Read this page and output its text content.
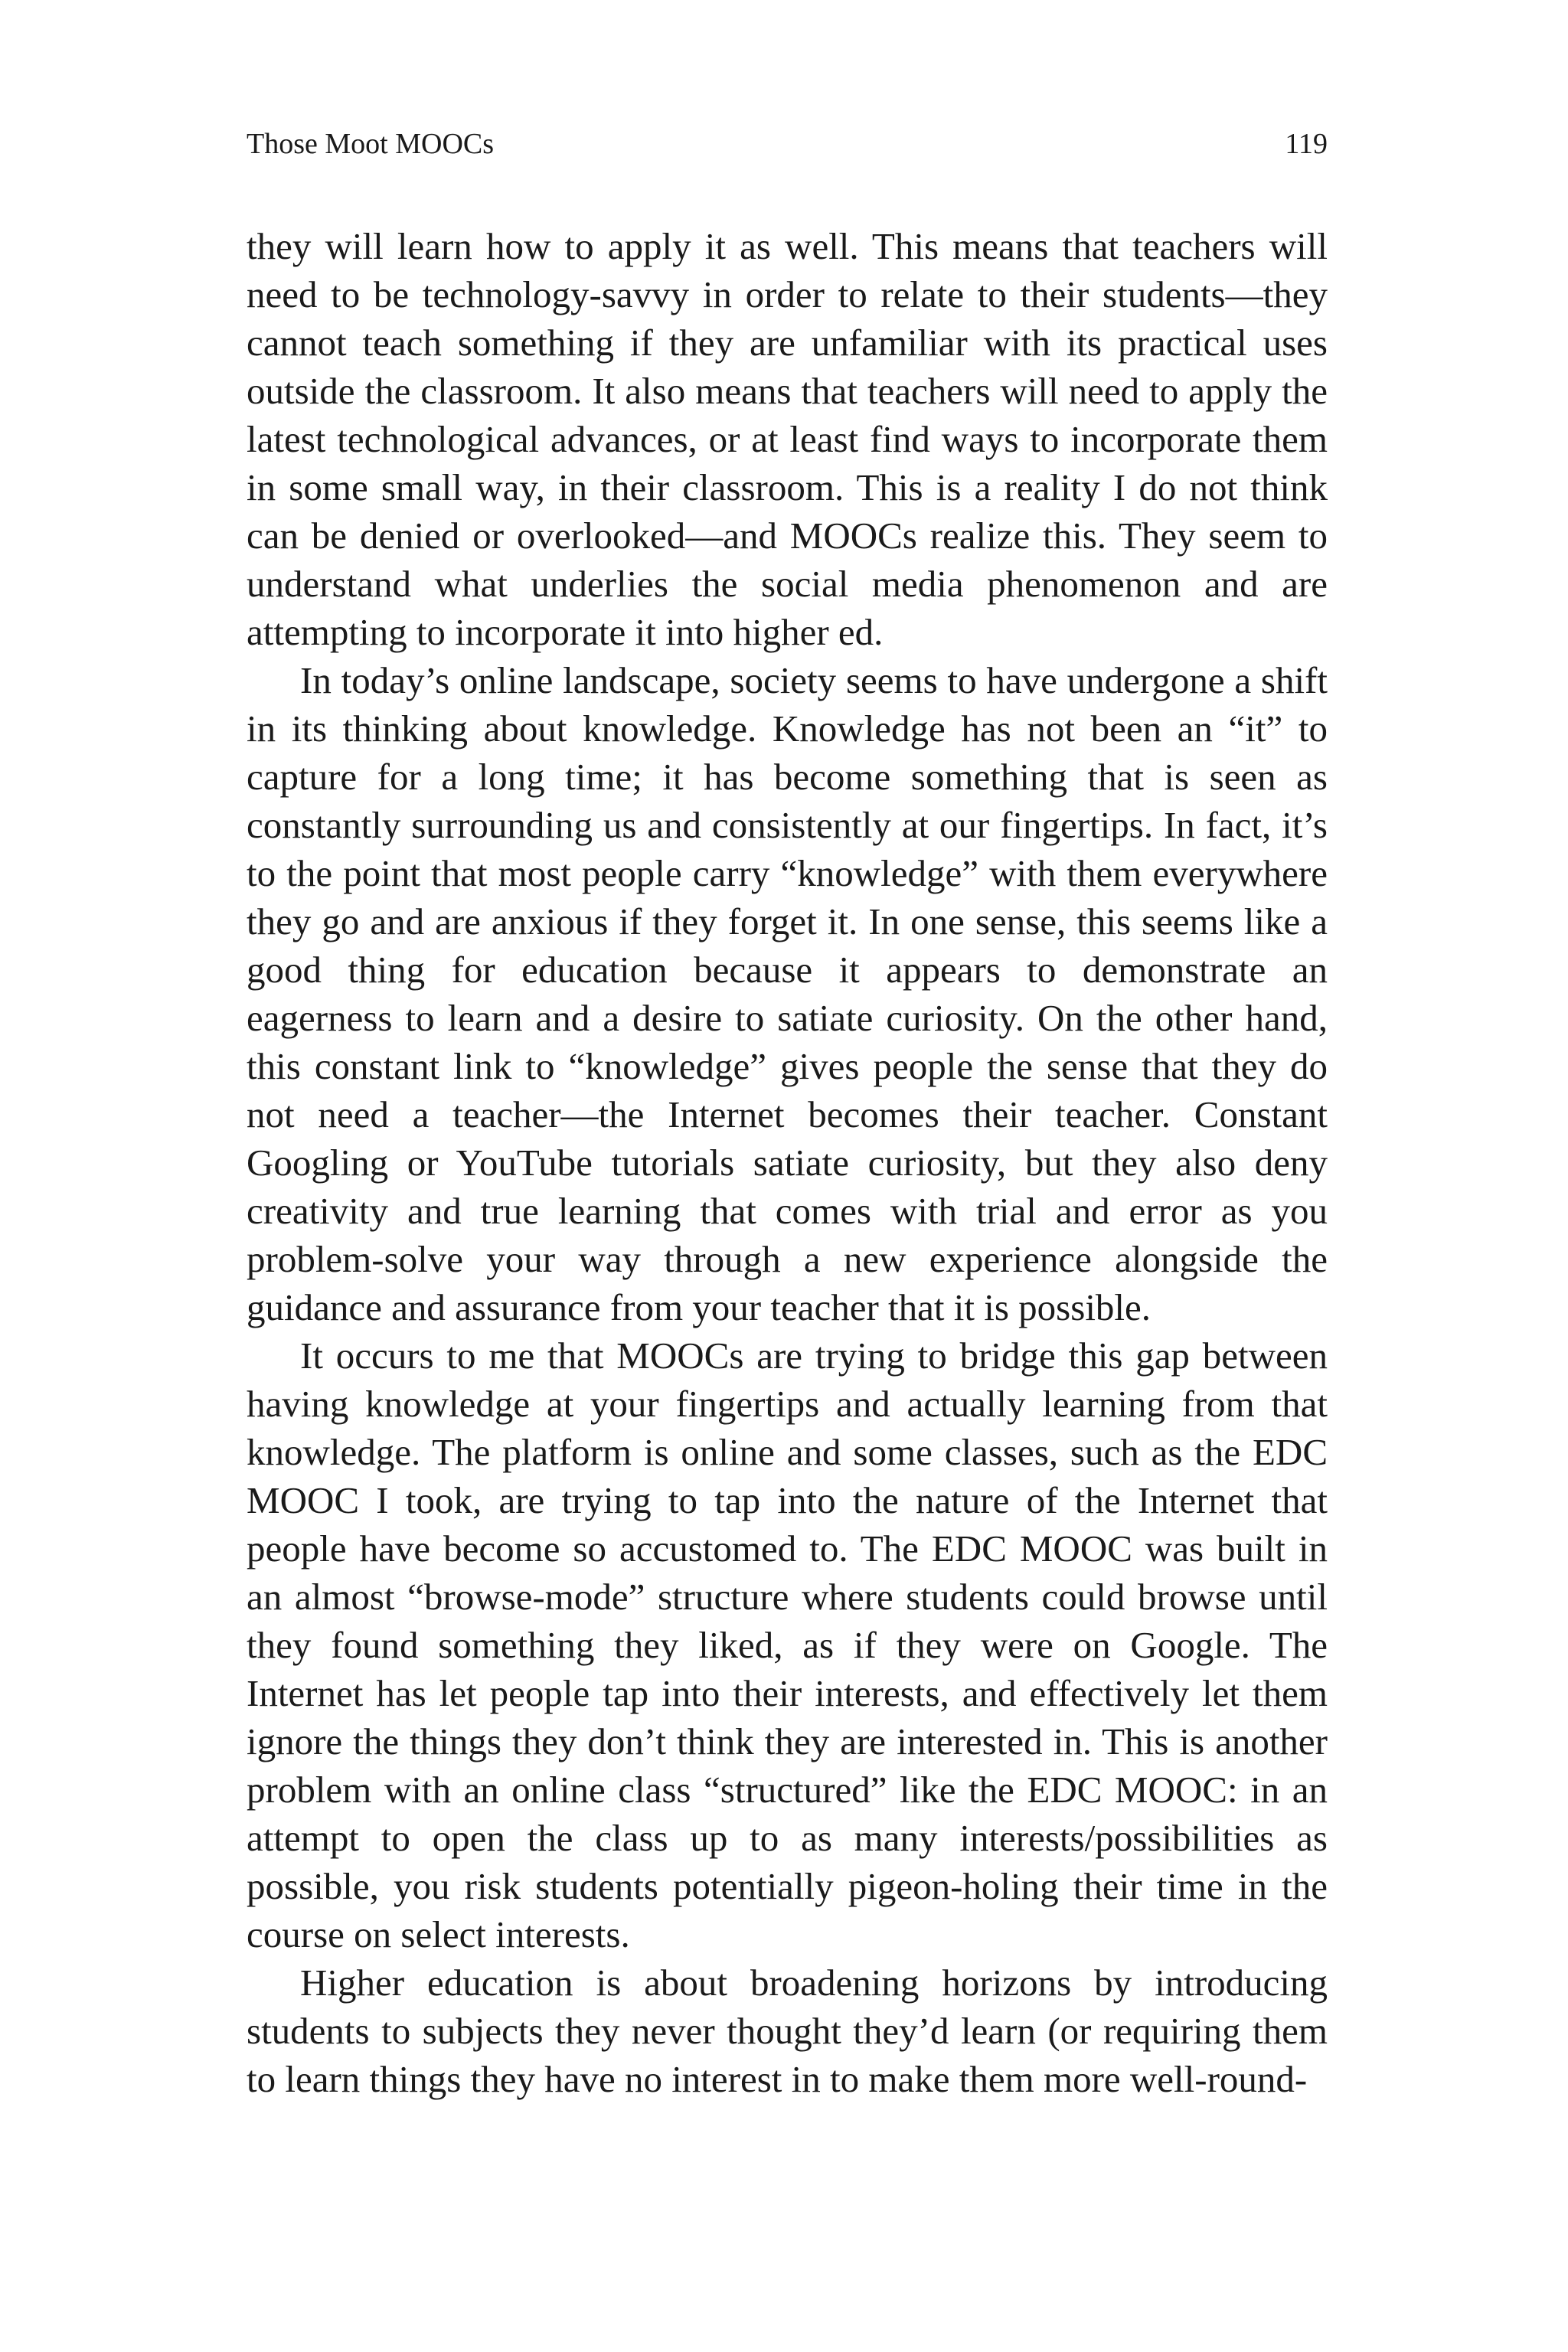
Those Moot MOOCs	119

they will learn how to apply it as well. This means that teachers will need to be technology-savvy in order to relate to their students—they cannot teach something if they are unfamiliar with its practical uses outside the classroom. It also means that teachers will need to apply the latest technological advances, or at least find ways to incorporate them in some small way, in their classroom. This is a reality I do not think can be denied or overlooked—and MOOCs realize this. They seem to understand what underlies the social media phenomenon and are attempting to incorporate it into higher ed.

In today’s online landscape, society seems to have undergone a shift in its thinking about knowledge. Knowledge has not been an “it” to capture for a long time; it has become something that is seen as constantly surrounding us and consistently at our fingertips. In fact, it’s to the point that most people carry “knowledge” with them everywhere they go and are anxious if they forget it. In one sense, this seems like a good thing for education because it appears to demonstrate an eagerness to learn and a desire to satiate curiosity. On the other hand, this constant link to “knowledge” gives people the sense that they do not need a teacher—the Internet becomes their teacher. Constant Googling or YouTube tutorials satiate curiosity, but they also deny creativity and true learning that comes with trial and error as you problem-solve your way through a new experience alongside the guidance and assurance from your teacher that it is possible.

It occurs to me that MOOCs are trying to bridge this gap between having knowledge at your fingertips and actually learning from that knowledge. The platform is online and some classes, such as the EDC MOOC I took, are trying to tap into the nature of the Internet that people have become so accustomed to. The EDC MOOC was built in an almost “browse-mode” structure where students could browse until they found something they liked, as if they were on Google. The Internet has let people tap into their interests, and effectively let them ignore the things they don’t think they are interested in. This is another problem with an online class “structured” like the EDC MOOC: in an attempt to open the class up to as many interests/possibilities as possible, you risk students potentially pigeon-holing their time in the course on select interests.

Higher education is about broadening horizons by introducing students to subjects they never thought they’d learn (or requiring them to learn things they have no interest in to make them more well-round-
